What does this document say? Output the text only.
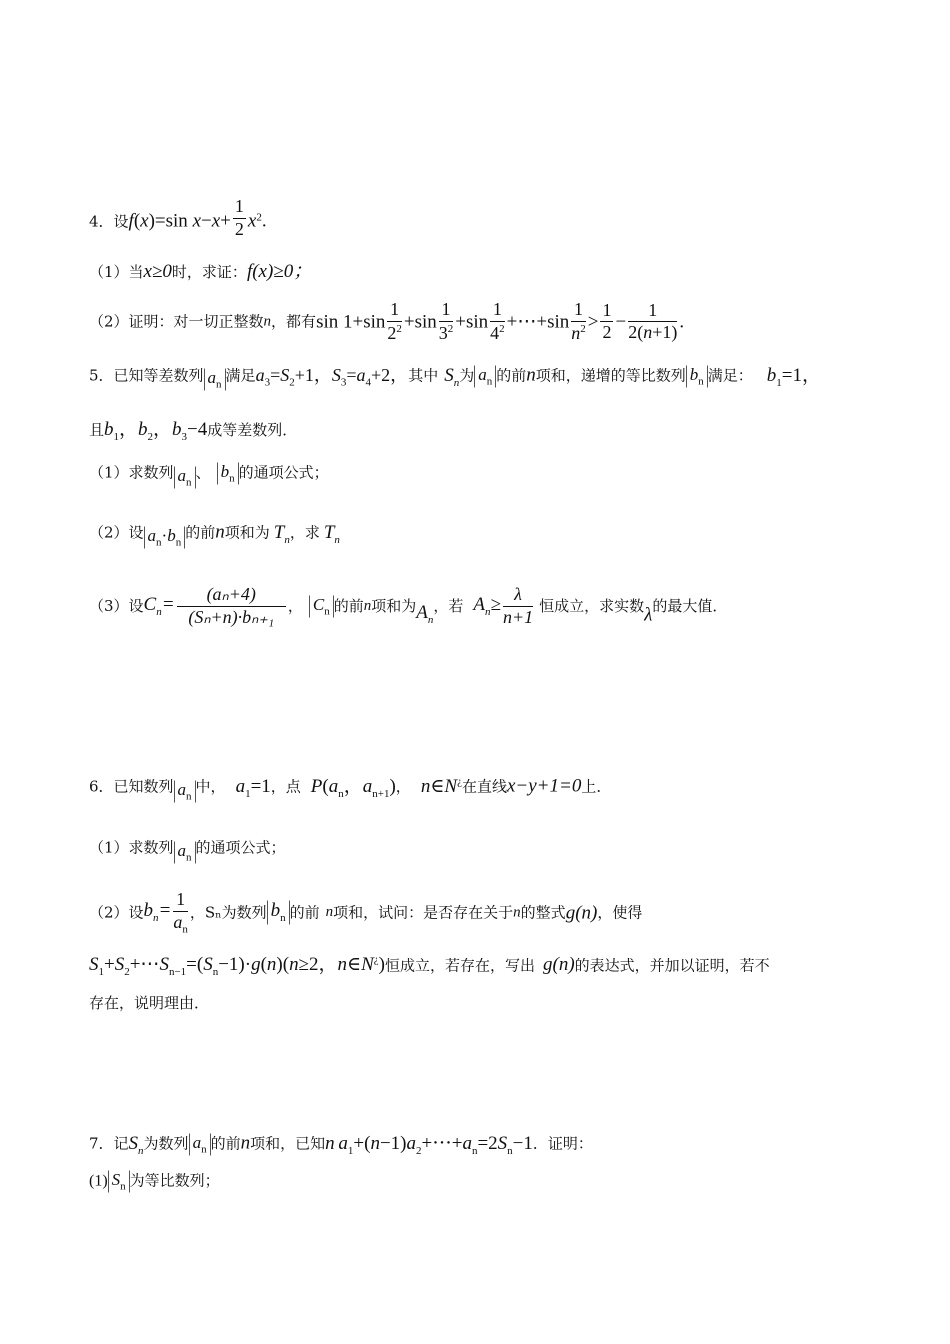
4．设f(x)=sin $x-x+ \frac{1}{2} x^2$.
（1）当x≥0时，求证：f(x)≥0；
（2）证明：对一切正整数n，都有$\sin 1+\sin \frac{1}{2^2} +\sin \frac{1}{3^2} +\sin \frac{1}{4^2}$ +⋯+sin $\frac{1}{n^2} > \frac{1}{2} - \frac{1}{2(n+1)}$ .
5．已知等差数列 $a_n$ 满足$a_3=S_2+1$，$S_3=a_4+2$，其中 $S_n$为 $a_n$ 的前n项和，递增的等比数列 $b_n$ 满足： $b_1=1$，
且$b_1$，$b_2$，$b_3-4$成等差数列．
（1）求数列 $a_n$、 $b_n$ 的通项公式；
（2）设 $a_n\cdot b_n$的前n项和为 $T_n$，求 $T_n$
（3）设$C_n= \frac{\text{(aₙ+4)}}{\text{(Sₙ+n)·bₙ₊₁}}$ ， $C_n$ 的前n项和为$A_n$，若 $A_n\ge \frac{\lambda}{n+1}$ 恒成立，求实数λ的最大值．
6．已知数列 $a_n$中， $a_1=1$，点 $P(a_n$，$a_{n+1}$)， n∈N¿在直线x−y+1=0上．
（1）求数列 $a_n$的通项公式；
（2）设$b_n= \frac{1}{a_n}$ ，Sₙ为数列 $b_n$ 的前 n项和，试问：是否存在关于n的整式g(n)，使得
$S_1+S_2+\cdots S_{n-1}=(S_n-1)\cdot g(n)(n\ge 2$，n∈N¿)恒成立，若存在，写出 g(n)的表达式，并加以证明，若不
存在，说明理由．
7．记$S_n$为数列 $a_n$ 的前n项和，已知n  $a_1+(n-1)a_2+\cdot\cdot\cdot+a_n=2S_n-1$．证明：
(1) $S_n$ 为等比数列；
